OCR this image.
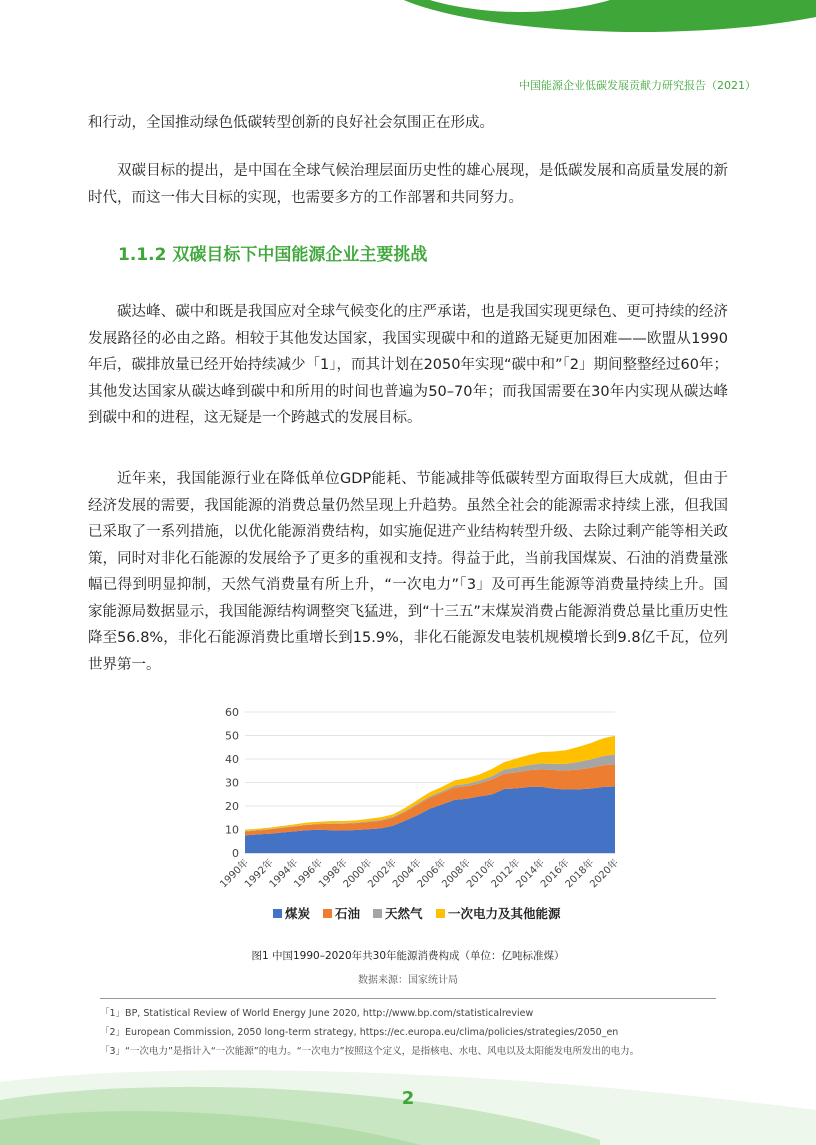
中国能源企业低碳发展贡献力研究报告（2021）

和行动，全国推动绿色低碳转型创新的良好社会氛围正在形成。

双碳目标的提出，是中国在全球气候治理层面历史性的雄心展现，是低碳发展和高质量发展的新时代，而这一伟大目标的实现，也需要多方的工作部署和共同努力。

1.1.2 双碳目标下中国能源企业主要挑战

碳达峰、碳中和既是我国应对全球气候变化的庄严承诺，也是我国实现更绿色、更可持续的经济发展路径的必由之路。相较于其他发达国家，我国实现碳中和的道路无疑更加困难——欧盟从1990年后，碳排放量已经开始持续减少「1」，而其计划在2050年实现“碳中和”「2」期间整整经过60年；其他发达国家从碳达峰到碳中和所用的时间也普遍为50–70年；而我国需要在30年内实现从碳达峰到碳中和的进程，这无疑是一个跨越式的发展目标。

近年来，我国能源行业在降低单位GDP能耗、节能减排等低碳转型方面取得巨大成就，但由于经济发展的需要，我国能源的消费总量仍然呈现上升趋势。虽然全社会的能源需求持续上涨，但我国已采取了一系列措施，以优化能源消费结构，如实施促进产业结构转型升级、去除过剩产能等相关政策，同时对非化石能源的发展给予了更多的重视和支持。得益于此，当前我国煤炭、石油的消费量涨幅已得到明显抑制，天然气消费量有所上升，“一次电力”「3」及可再生能源等消费量持续上升。国家能源局数据显示，我国能源结构调整突飞猛进，到“十三五”末煤炭消费占能源消费总量比重历史性降至56.8%，非化石能源消费比重增长到15.9%，非化石能源发电装机规模增长到9.8亿千瓦，位列世界第一。

0
10
20
30
40
50
60
1990年
1992年
1994年
1996年
1998年
2000年
2002年
2004年
2006年
2008年
2010年
2012年
2014年
2016年
2018年
2020年
煤炭 石油 天然气 一次电力及其他能源
图1 中国1990–2020年共30年能源消费构成（单位：亿吨标准煤）
数据来源：国家统计局
「1」BP, Statistical Review of World Energy June 2020, http://www.bp.com/statisticalreview
「2」European Commission, 2050 long-term strategy, https://ec.europa.eu/clima/policies/strategies/2050_en
「3」“一次电力”是指计入“一次能源”的电力。“一次电力”按照这个定义，是指核电、水电、风电以及太阳能发电所发出的电力。
2
